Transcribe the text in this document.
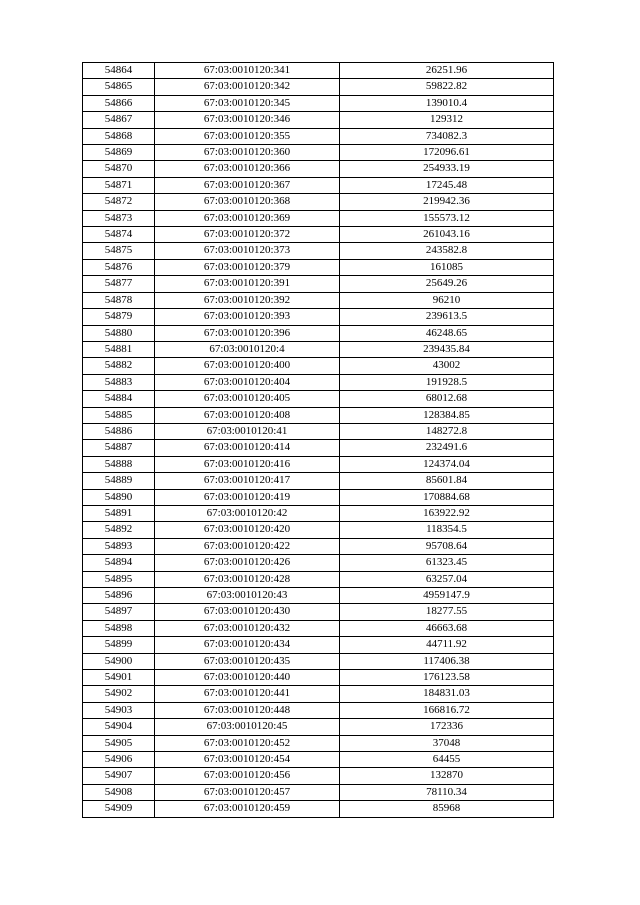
54864	67:03:0010120:341	26251.96
54865	67:03:0010120:342	59822.82
54866	67:03:0010120:345	139010.4
54867	67:03:0010120:346	129312
54868	67:03:0010120:355	734082.3
54869	67:03:0010120:360	172096.61
54870	67:03:0010120:366	254933.19
54871	67:03:0010120:367	17245.48
54872	67:03:0010120:368	219942.36
54873	67:03:0010120:369	155573.12
54874	67:03:0010120:372	261043.16
54875	67:03:0010120:373	243582.8
54876	67:03:0010120:379	161085
54877	67:03:0010120:391	25649.26
54878	67:03:0010120:392	96210
54879	67:03:0010120:393	239613.5
54880	67:03:0010120:396	46248.65
54881	67:03:0010120:4	239435.84
54882	67:03:0010120:400	43002
54883	67:03:0010120:404	191928.5
54884	67:03:0010120:405	68012.68
54885	67:03:0010120:408	128384.85
54886	67:03:0010120:41	148272.8
54887	67:03:0010120:414	232491.6
54888	67:03:0010120:416	124374.04
54889	67:03:0010120:417	85601.84
54890	67:03:0010120:419	170884.68
54891	67:03:0010120:42	163922.92
54892	67:03:0010120:420	118354.5
54893	67:03:0010120:422	95708.64
54894	67:03:0010120:426	61323.45
54895	67:03:0010120:428	63257.04
54896	67:03:0010120:43	4959147.9
54897	67:03:0010120:430	18277.55
54898	67:03:0010120:432	46663.68
54899	67:03:0010120:434	44711.92
54900	67:03:0010120:435	117406.38
54901	67:03:0010120:440	176123.58
54902	67:03:0010120:441	184831.03
54903	67:03:0010120:448	166816.72
54904	67:03:0010120:45	172336
54905	67:03:0010120:452	37048
54906	67:03:0010120:454	64455
54907	67:03:0010120:456	132870
54908	67:03:0010120:457	78110.34
54909	67:03:0010120:459	85968
